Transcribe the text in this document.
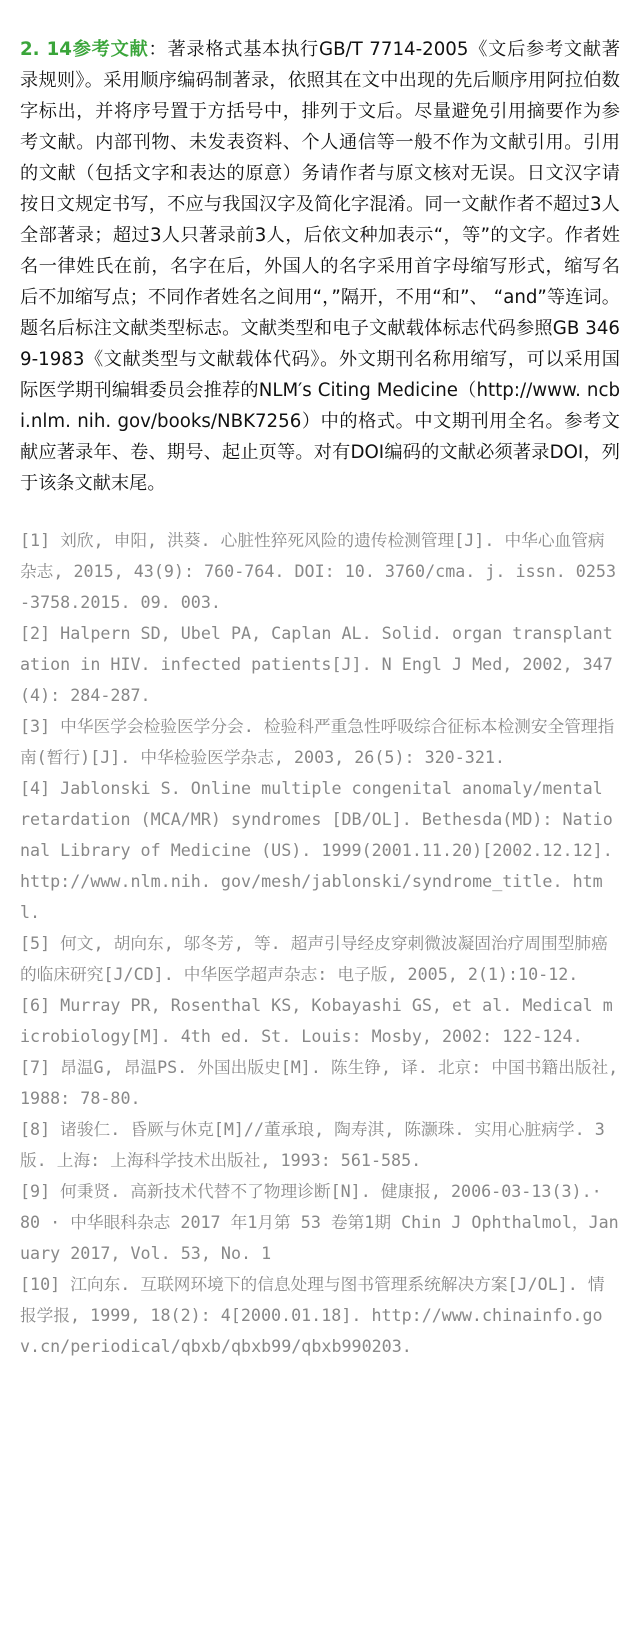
2. 14参考文献：著录格式基本执行GB/T 7714-2005《文后参考文献著录规则》。采用顺序编码制著录，依照其在文中出现的先后顺序用阿拉伯数字标出，并将序号置于方括号中，排列于文后。尽量避免引用摘要作为参考文献。内部刊物、未发表资料、个人通信等一般不作为文献引用。引用的文献（包括文字和表达的原意）务请作者与原文核对无误。日文汉字请按日文规定书写，不应与我国汉字及简化字混淆。同一文献作者不超过3人全部著录；超过3人只著录前3人，后依文种加表示“，等”的文字。作者姓名一律姓氏在前，名字在后，外国人的名字采用首字母缩写形式，缩写名后不加缩写点；不同作者姓名之间用“，”隔开，不用“和”、 “and”等连词。题名后标注文献类型标志。文献类型和电子文献载体标志代码参照GB 3469-1983《文献类型与文献载体代码》。外文期刊名称用缩写，可以采用国际医学期刊编辑委员会推荐的NLM′s Citing Medicine（http://www. ncbi.nlm. nih. gov/books/NBK7256）中的格式。中文期刊用全名。参考文献应著录年、卷、期号、起止页等。对有DOI编码的文献必须著录DOI，列于该条文献末尾。

[1] 刘欣, 申阳, 洪葵. 心脏性猝死风险的遗传检测管理[J]. 中华心血管病杂志, 2015, 43(9): 760-764. DOI: 10. 3760/cma. j. issn. 0253-3758.2015. 09. 003.

[2] Halpern SD, Ubel PA, Caplan AL. Solid. organ transplantation in HIV. infected patients[J]. N Engl J Med, 2002, 347(4): 284-287.

[3] 中华医学会检验医学分会. 检验科严重急性呼吸综合征标本检测安全管理指南(暂行)[J]. 中华检验医学杂志, 2003, 26(5): 320-321.

[4] Jablonski S. Online multiple congenital anomaly/mental retardation (MCA/MR) syndromes [DB/OL]. Bethesda(MD): National Library of Medicine (US). 1999(2001.11.20)[2002.12.12]. http://www.nlm.nih. gov/mesh/jablonski/syndrome_title. html.

[5] 何文, 胡向东, 邬冬芳, 等. 超声引导经皮穿刺微波凝固治疗周围型肺癌的临床研究[J/CD]. 中华医学超声杂志: 电子版, 2005, 2(1):10-12.

[6] Murray PR, Rosenthal KS, Kobayashi GS, et al. Medical microbiology[M]. 4th ed. St. Louis: Mosby, 2002: 122-124.

[7] 昂温G, 昂温PS. 外国出版史[M]. 陈生铮, 译. 北京: 中国书籍出版社, 1988: 78-80.

[8] 诸骏仁. 昏厥与休克[M]//董承琅, 陶寿淇, 陈灏珠. 实用心脏病学. 3 版. 上海: 上海科学技术出版社, 1993: 561-585.

[9] 何秉贤. 高新技术代替不了物理诊断[N]. 健康报, 2006-03-13(3).· 80 · 中华眼科杂志 2017 年1月第 53 卷第1期 Chin J Ophthalmol，January 2017, Vol. 53, No. 1

[10] 江向东. 互联网环境下的信息处理与图书管理系统解决方案[J/OL]. 情报学报, 1999, 18(2): 4[2000.01.18]. http://www.chinainfo.gov.cn/periodical/qbxb/qbxb99/qbxb990203.
